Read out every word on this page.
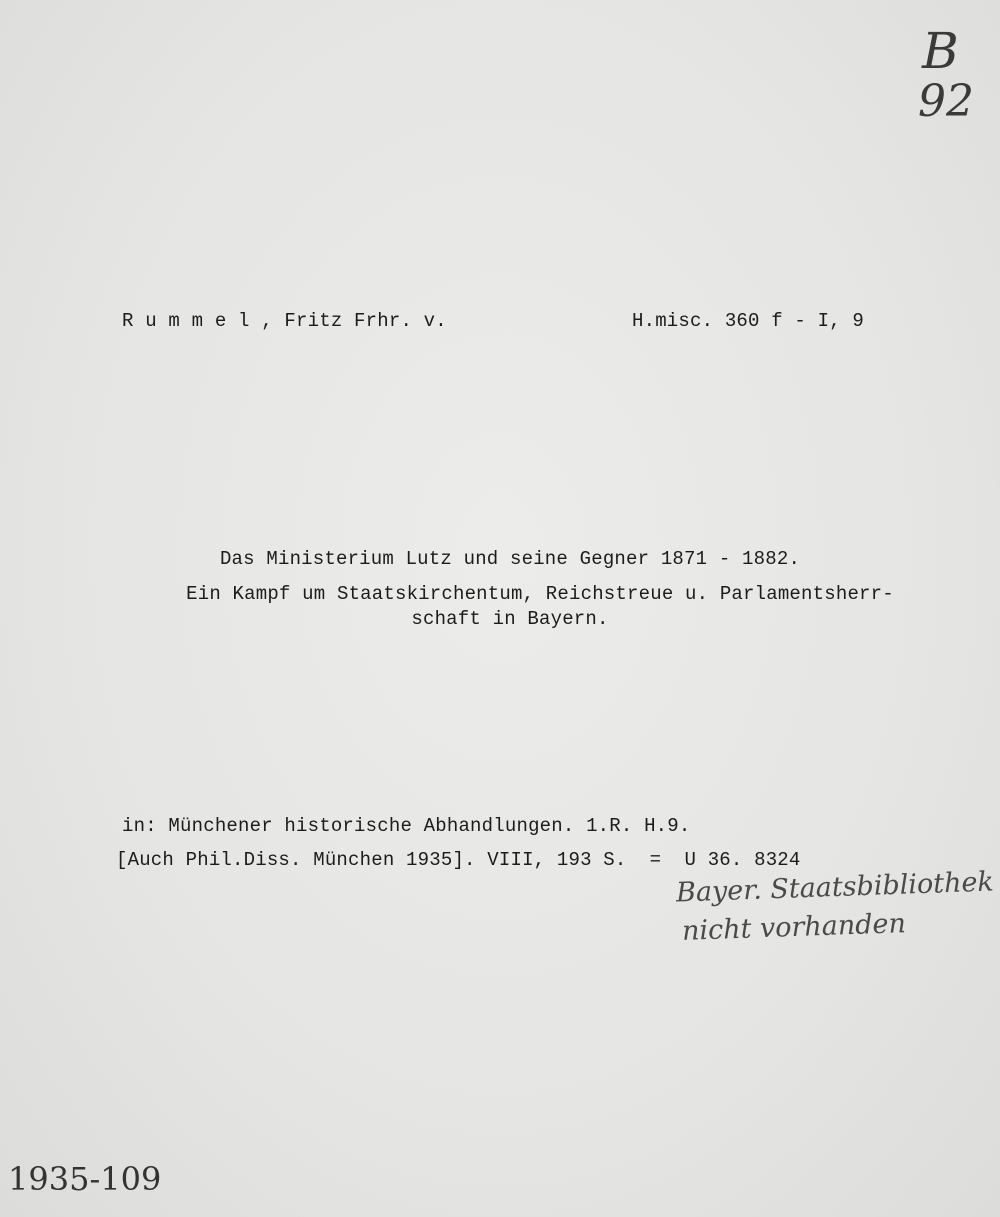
B
92
R u m m e l , Fritz Frhr. v.	H.misc. 360 f - I, 9
Das Ministerium Lutz und seine Gegner 1871 - 1882.
Ein Kampf um Staatskirchentum, Reichstreue u. Parlamentsherr-
schaft in Bayern.
in: Münchener historische Abhandlungen. 1.R. H.9.
[Auch Phil.Diss. München 1935]. VIII, 193 S.  =  U 36. 8324
Bayer. Staatsbibliothek
nicht vorhanden
1935-109
